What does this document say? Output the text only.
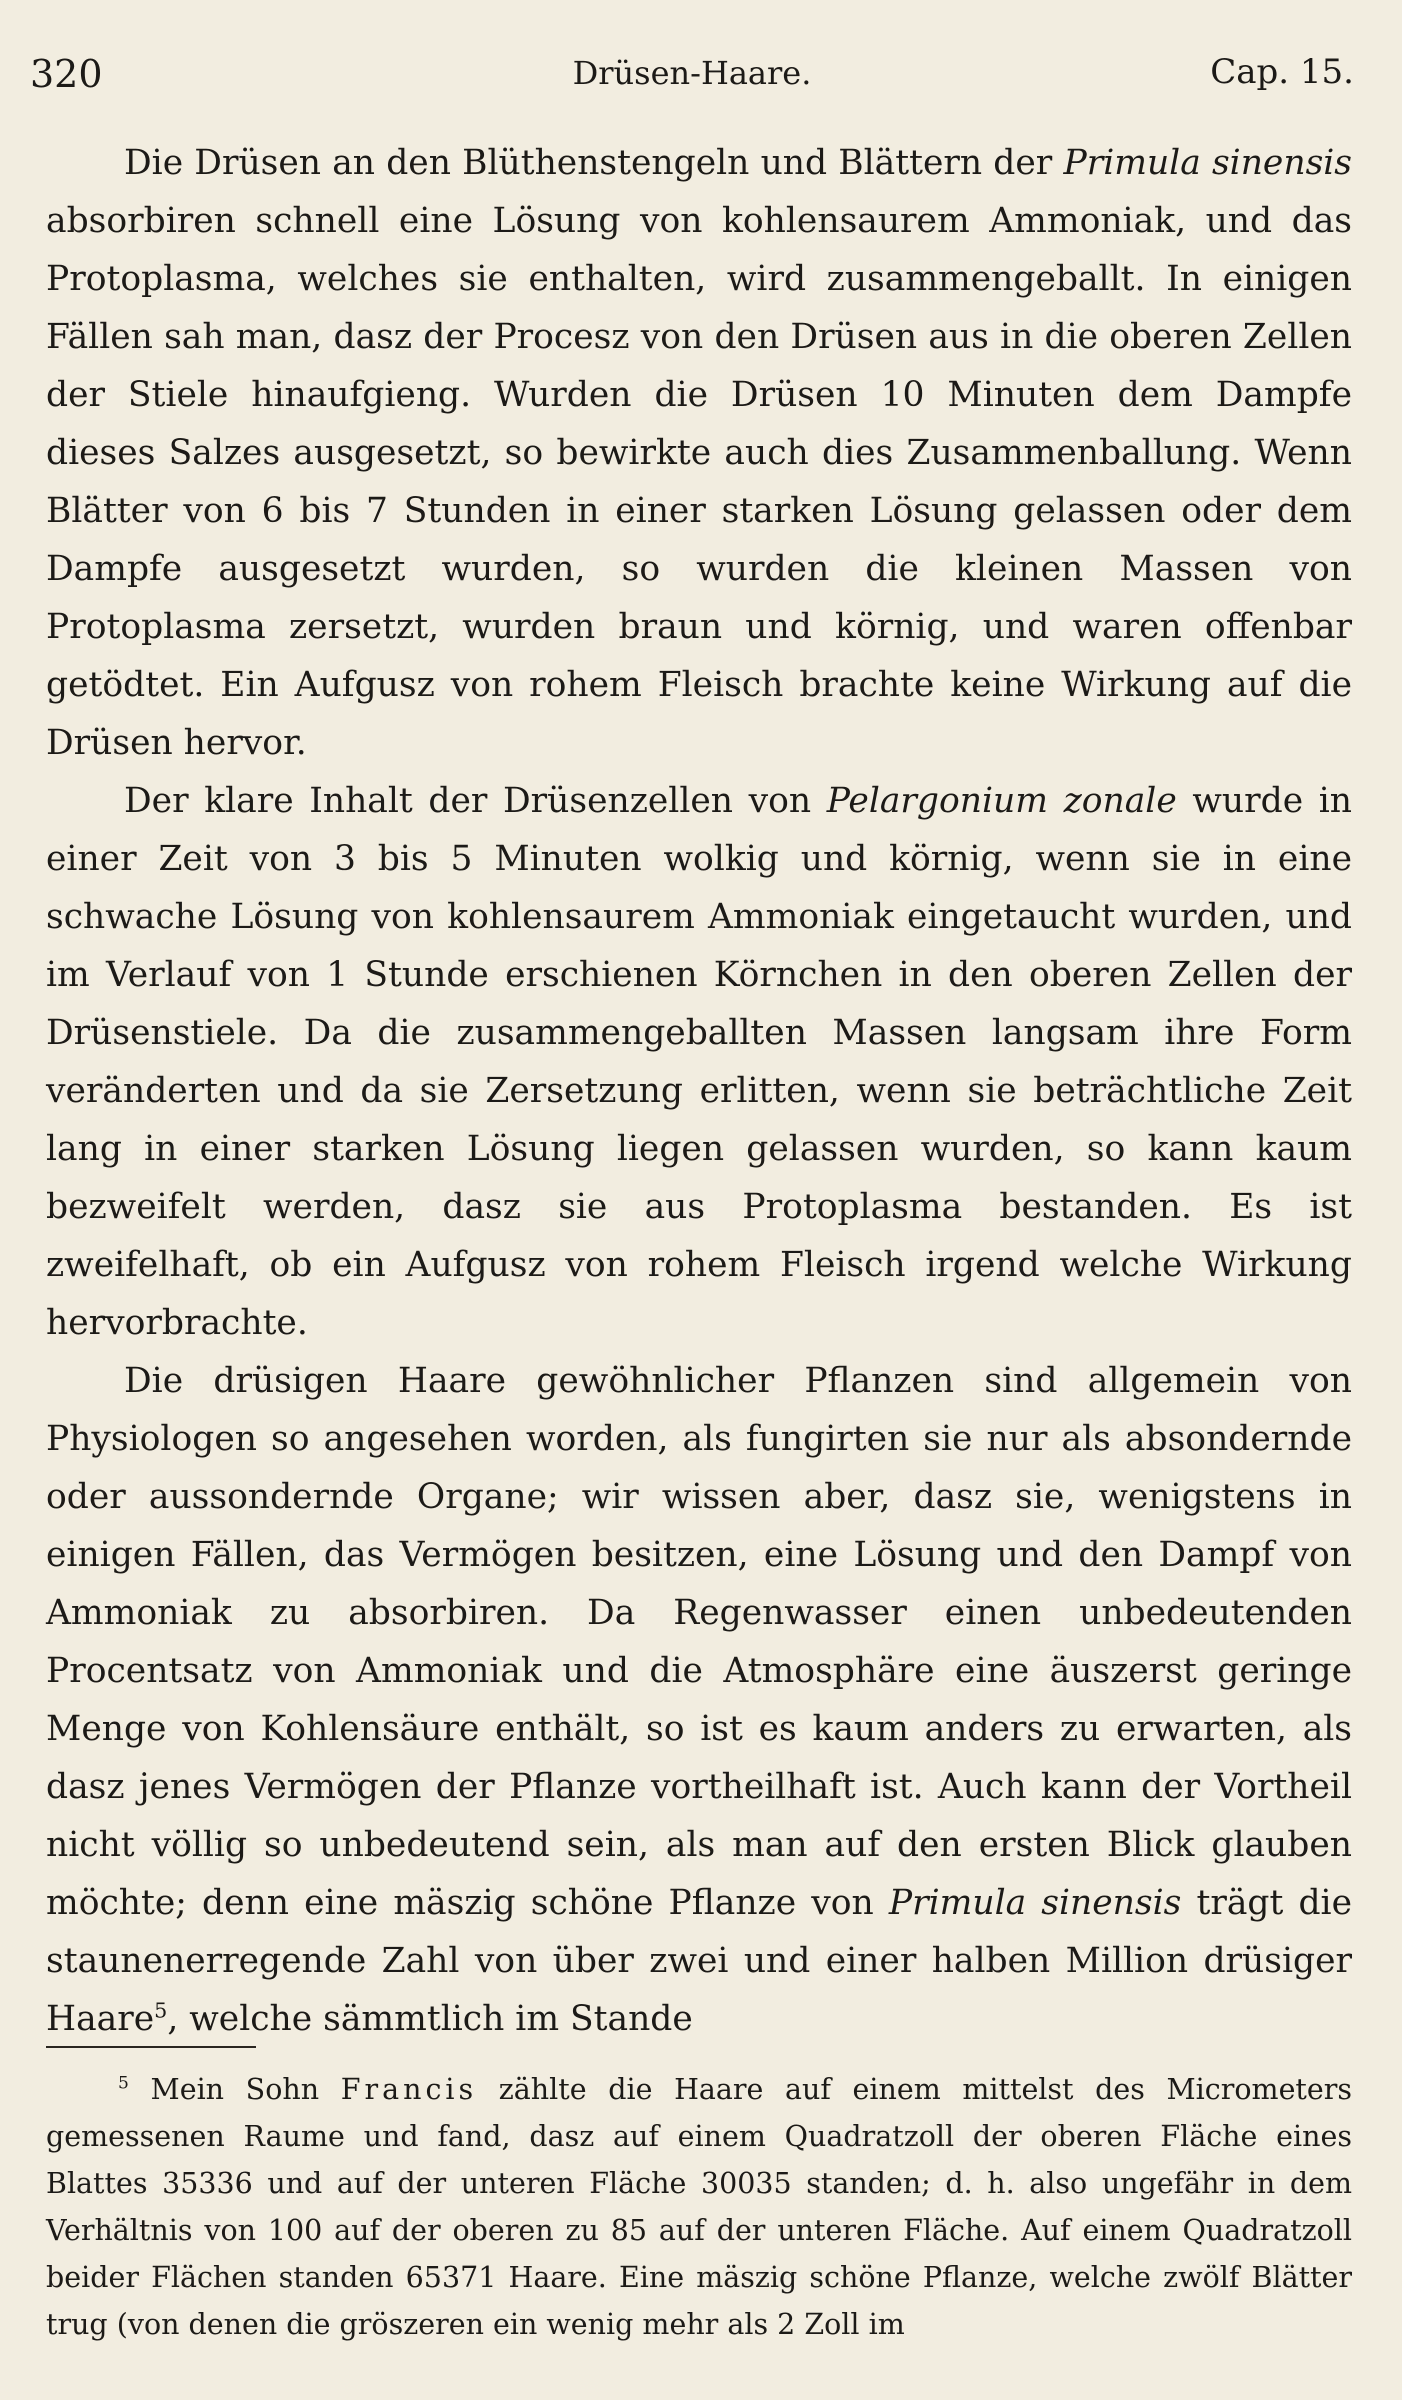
320	Drüsen-Haare.	Cap. 15.

Die Drüsen an den Blüthenstengeln und Blättern der Primula sinensis absorbiren schnell eine Lösung von kohlensaurem Ammoniak, und das Protoplasma, welches sie enthalten, wird zusammengeballt. In einigen Fällen sah man, dasz der Procesz von den Drüsen aus in die oberen Zellen der Stiele hinaufgieng. Wurden die Drüsen 10 Minuten dem Dampfe dieses Salzes ausgesetzt, so bewirkte auch dies Zusammenballung. Wenn Blätter von 6 bis 7 Stunden in einer starken Lösung gelassen oder dem Dampfe ausgesetzt wurden, so wurden die kleinen Massen von Protoplasma zersetzt, wurden braun und körnig, und waren offenbar getödtet. Ein Aufgusz von rohem Fleisch brachte keine Wirkung auf die Drüsen hervor.

Der klare Inhalt der Drüsenzellen von Pelargonium zonale wurde in einer Zeit von 3 bis 5 Minuten wolkig und körnig, wenn sie in eine schwache Lösung von kohlensaurem Ammoniak eingetaucht wurden, und im Verlauf von 1 Stunde erschienen Körnchen in den oberen Zellen der Drüsenstiele. Da die zusammengeballten Massen langsam ihre Form veränderten und da sie Zersetzung erlitten, wenn sie beträchtliche Zeit lang in einer starken Lösung liegen gelassen wurden, so kann kaum bezweifelt werden, dasz sie aus Protoplasma bestanden. Es ist zweifelhaft, ob ein Aufgusz von rohem Fleisch irgend welche Wirkung hervorbrachte.

Die drüsigen Haare gewöhnlicher Pflanzen sind allgemein von Physiologen so angesehen worden, als fungirten sie nur als absondernde oder aussondernde Organe; wir wissen aber, dasz sie, wenigstens in einigen Fällen, das Vermögen besitzen, eine Lösung und den Dampf von Ammoniak zu absorbiren. Da Regenwasser einen unbedeutenden Procentsatz von Ammoniak und die Atmosphäre eine äuszerst geringe Menge von Kohlensäure enthält, so ist es kaum anders zu erwarten, als dasz jenes Vermögen der Pflanze vortheilhaft ist. Auch kann der Vortheil nicht völlig so unbedeutend sein, als man auf den ersten Blick glauben möchte; denn eine mäszig schöne Pflanze von Primula sinensis trägt die staunenerregende Zahl von über zwei und einer halben Million drüsiger Haare$^5$, welche sämmtlich im Stande

$^5$ Mein Sohn Francis zählte die Haare auf einem mittelst des Micrometers gemessenen Raume und fand, dasz auf einem Quadratzoll der oberen Fläche eines Blattes 35336 und auf der unteren Fläche 30035 standen; d. h. also ungefähr in dem Verhältnis von 100 auf der oberen zu 85 auf der unteren Fläche. Auf einem Quadratzoll beider Flächen standen 65371 Haare. Eine mäszig schöne Pflanze, welche zwölf Blätter trug (von denen die gröszeren ein wenig mehr als 2 Zoll im
